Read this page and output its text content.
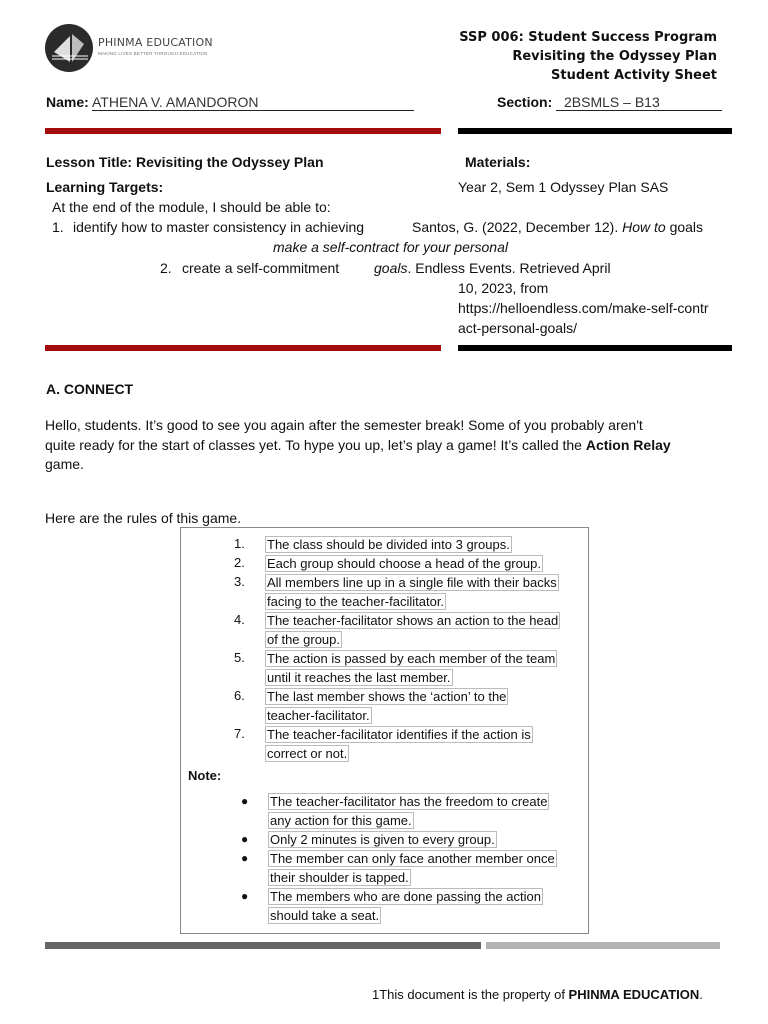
PHINMA EDUCATION
MAKING LIVES BETTER THROUGH EDUCATION
SSP 006: Student Success Program
Revisiting the Odyssey Plan
Student Activity Sheet
Name: ATHENA V. AMANDORON	Section: 2BSMLS – B13
Lesson Title: Revisiting the Odyssey Plan	Materials:
Learning Targets:	Year 2, Sem 1 Odyssey Plan SAS
At the end of the module, I should be able to:
1. identify how to master consistency in achieving	Santos, G. (2022, December 12). How to goals
make a self-contract for your personal
2. create a self-commitment goals. Endless Events. Retrieved April
10, 2023, from
https://helloendless.com/make-self-contr
act-personal-goals/
A. CONNECT
Hello, students. It’s good to see you again after the semester break! Some of you probably aren't
quite ready for the start of classes yet. To hype you up, let’s play a game! It’s called the Action Relay
game.
Here are the rules of this game.
1. The class should be divided into 3 groups.
2. Each group should choose a head of the group.
3. All members line up in a single file with their backs
facing to the teacher-facilitator.
4. The teacher-facilitator shows an action to the head
of the group.
5. The action is passed by each member of the team
until it reaches the last member.
6. The last member shows the ‘action’ to the
teacher-facilitator.
7. The teacher-facilitator identifies if the action is
correct or not.
Note:
● The teacher-facilitator has the freedom to create
any action for this game.
● Only 2 minutes is given to every group.
● The member can only face another member once
their shoulder is tapped.
● The members who are done passing the action
should take a seat.
1This document is the property of PHINMA EDUCATION.
